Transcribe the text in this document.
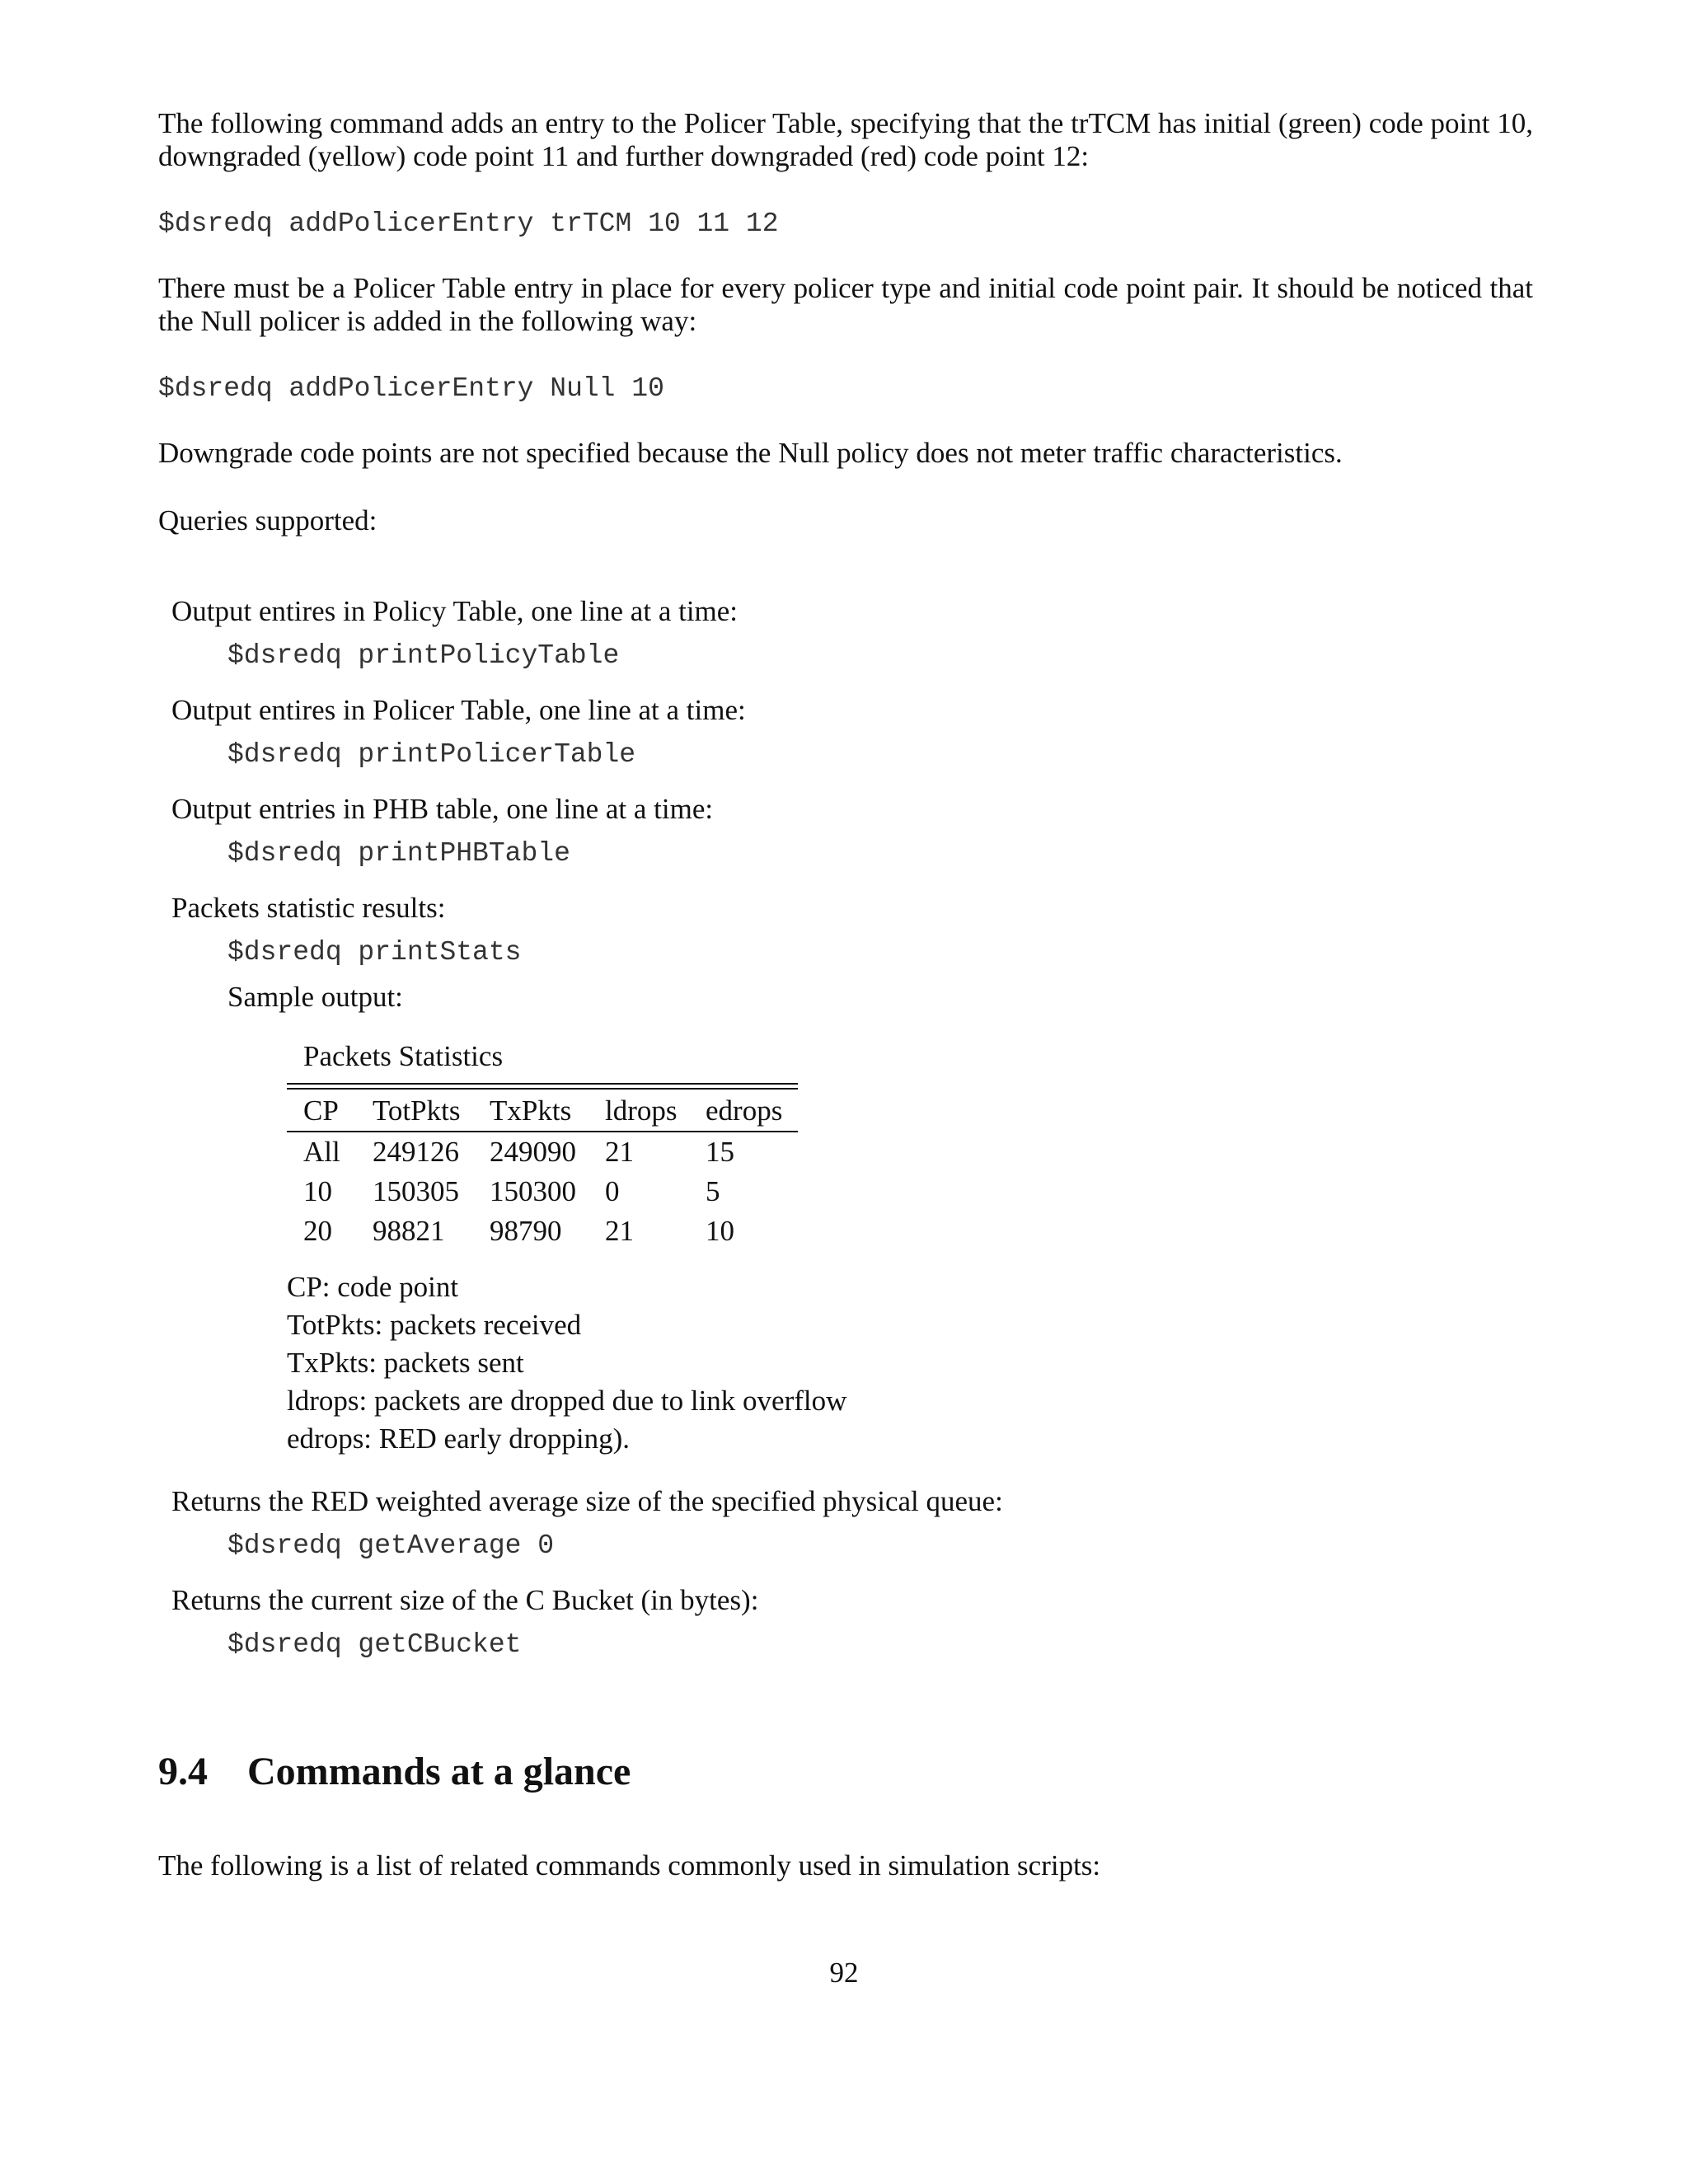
The following command adds an entry to the Policer Table, specifying that the trTCM has initial (green) code point 10, downgraded (yellow) code point 11 and further downgraded (red) code point 12:

$dsredq addPolicerEntry trTCM 10 11 12

There must be a Policer Table entry in place for every policer type and initial code point pair. It should be noticed that the Null policer is added in the following way:

$dsredq addPolicerEntry Null 10

Downgrade code points are not specified because the Null policy does not meter traffic characteristics.

Queries supported:

Output entires in Policy Table, one line at a time:
$dsredq printPolicyTable
Output entires in Policer Table, one line at a time:
$dsredq printPolicerTable
Output entries in PHB table, one line at a time:
$dsredq printPHBTable
Packets statistic results:
$dsredq printStats
Sample output:
Packets Statistics
CP TotPkts TxPkts ldrops edrops
All 249126 249090 21 15
10 150305 150300 0	5
20 98821 98790 21 10
CP: code point
TotPkts: packets received
TxPkts: packets sent
ldrops: packets are dropped due to link overflow
edrops: RED early dropping).
Returns the RED weighted average size of the specified physical queue:
$dsredq getAverage 0
Returns the current size of the C Bucket (in bytes):
$dsredq getCBucket
9.4 Commands at a glance

The following is a list of related commands commonly used in simulation scripts:

92
